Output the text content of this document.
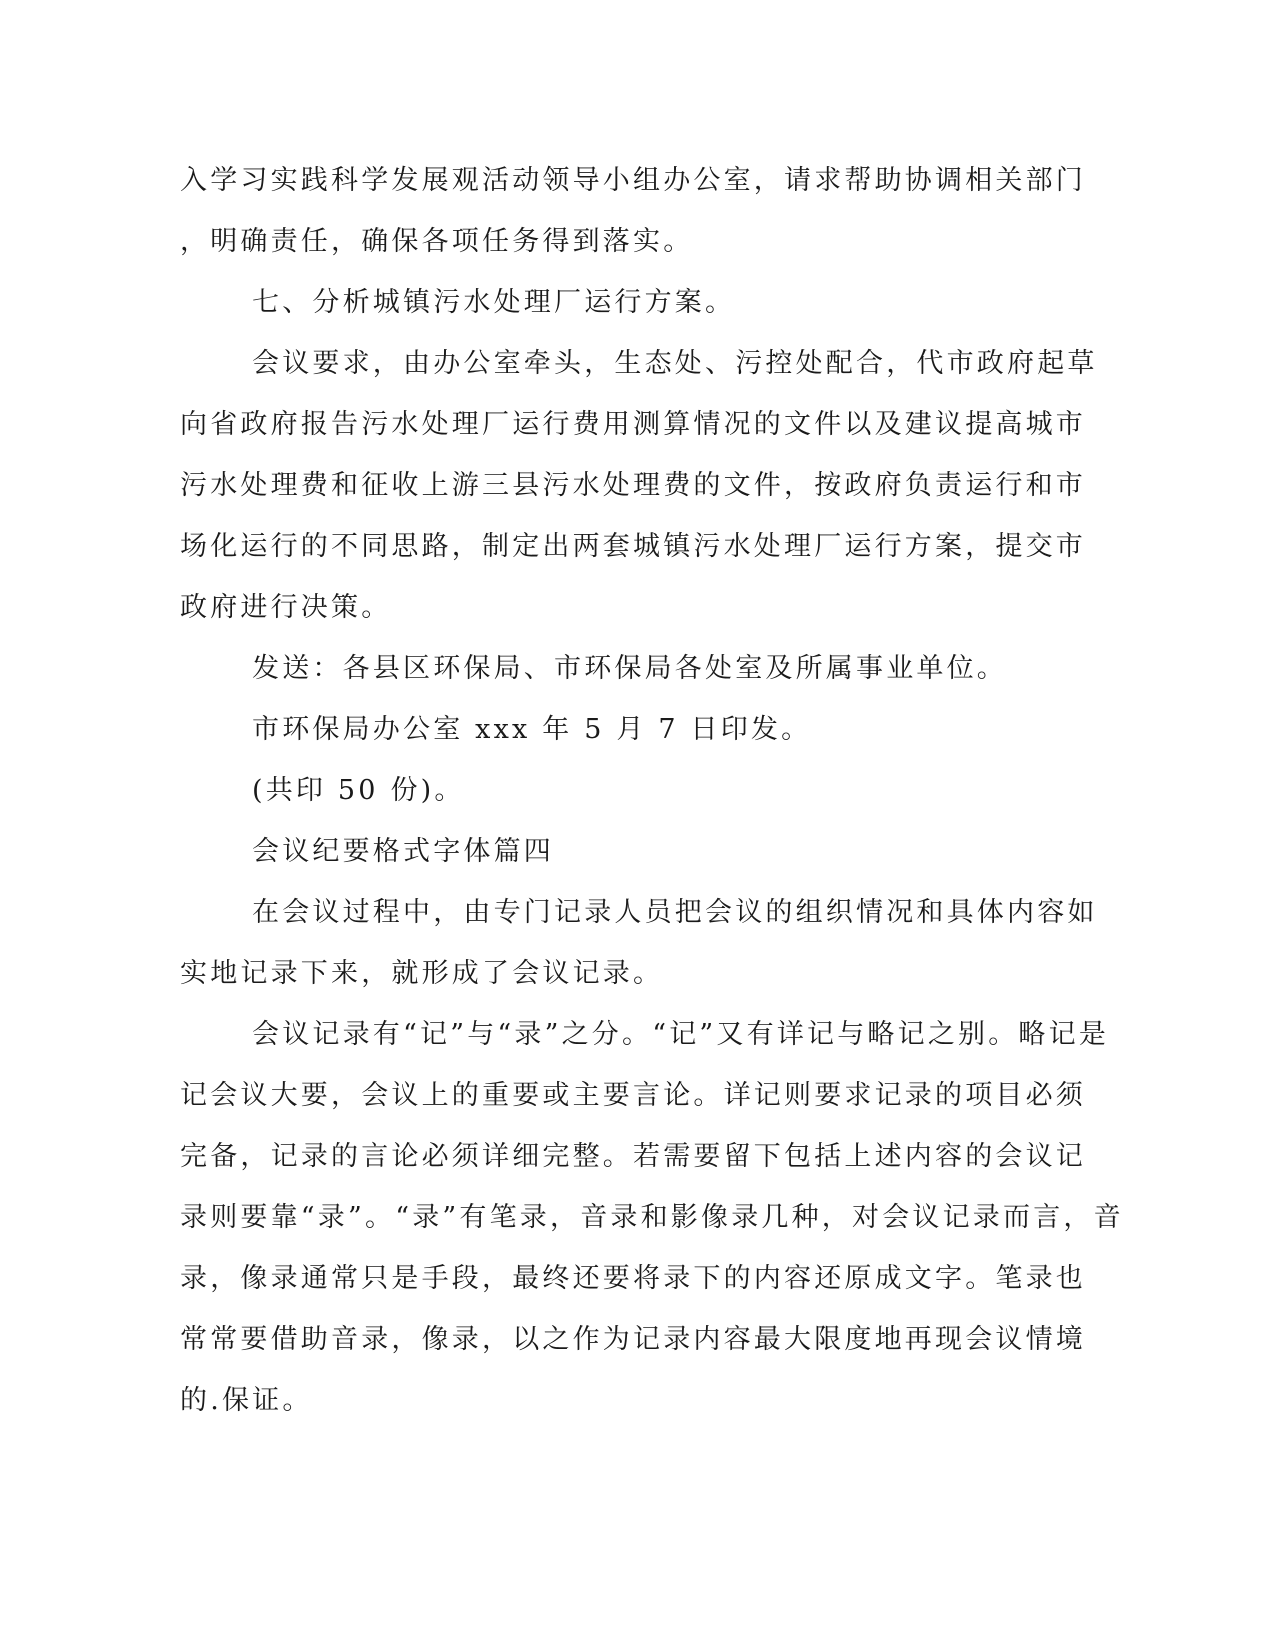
入学习实践科学发展观活动领导小组办公室，请求帮助协调相关部门
，明确责任，确保各项任务得到落实。

七、分析城镇污水处理厂运行方案。

会议要求，由办公室牵头，生态处、污控处配合，代市政府起草
向省政府报告污水处理厂运行费用测算情况的文件以及建议提高城市
污水处理费和征收上游三县污水处理费的文件，按政府负责运行和市
场化运行的不同思路，制定出两套城镇污水处理厂运行方案，提交市
政府进行决策。

发送：各县区环保局、市环保局各处室及所属事业单位。

市环保局办公室 xxx 年 5 月 7 日印发。

(共印 50 份)。

会议纪要格式字体篇四

在会议过程中，由专门记录人员把会议的组织情况和具体内容如
实地记录下来，就形成了会议记录。

会议记录有“记”与“录”之分。“记”又有详记与略记之别。略记是
记会议大要，会议上的重要或主要言论。详记则要求记录的项目必须
完备，记录的言论必须详细完整。若需要留下包括上述内容的会议记
录则要靠“录”。“录”有笔录，音录和影像录几种，对会议记录而言，音
录，像录通常只是手段，最终还要将录下的内容还原成文字。笔录也
常常要借助音录，像录，以之作为记录内容最大限度地再现会议情境
的.保证。
